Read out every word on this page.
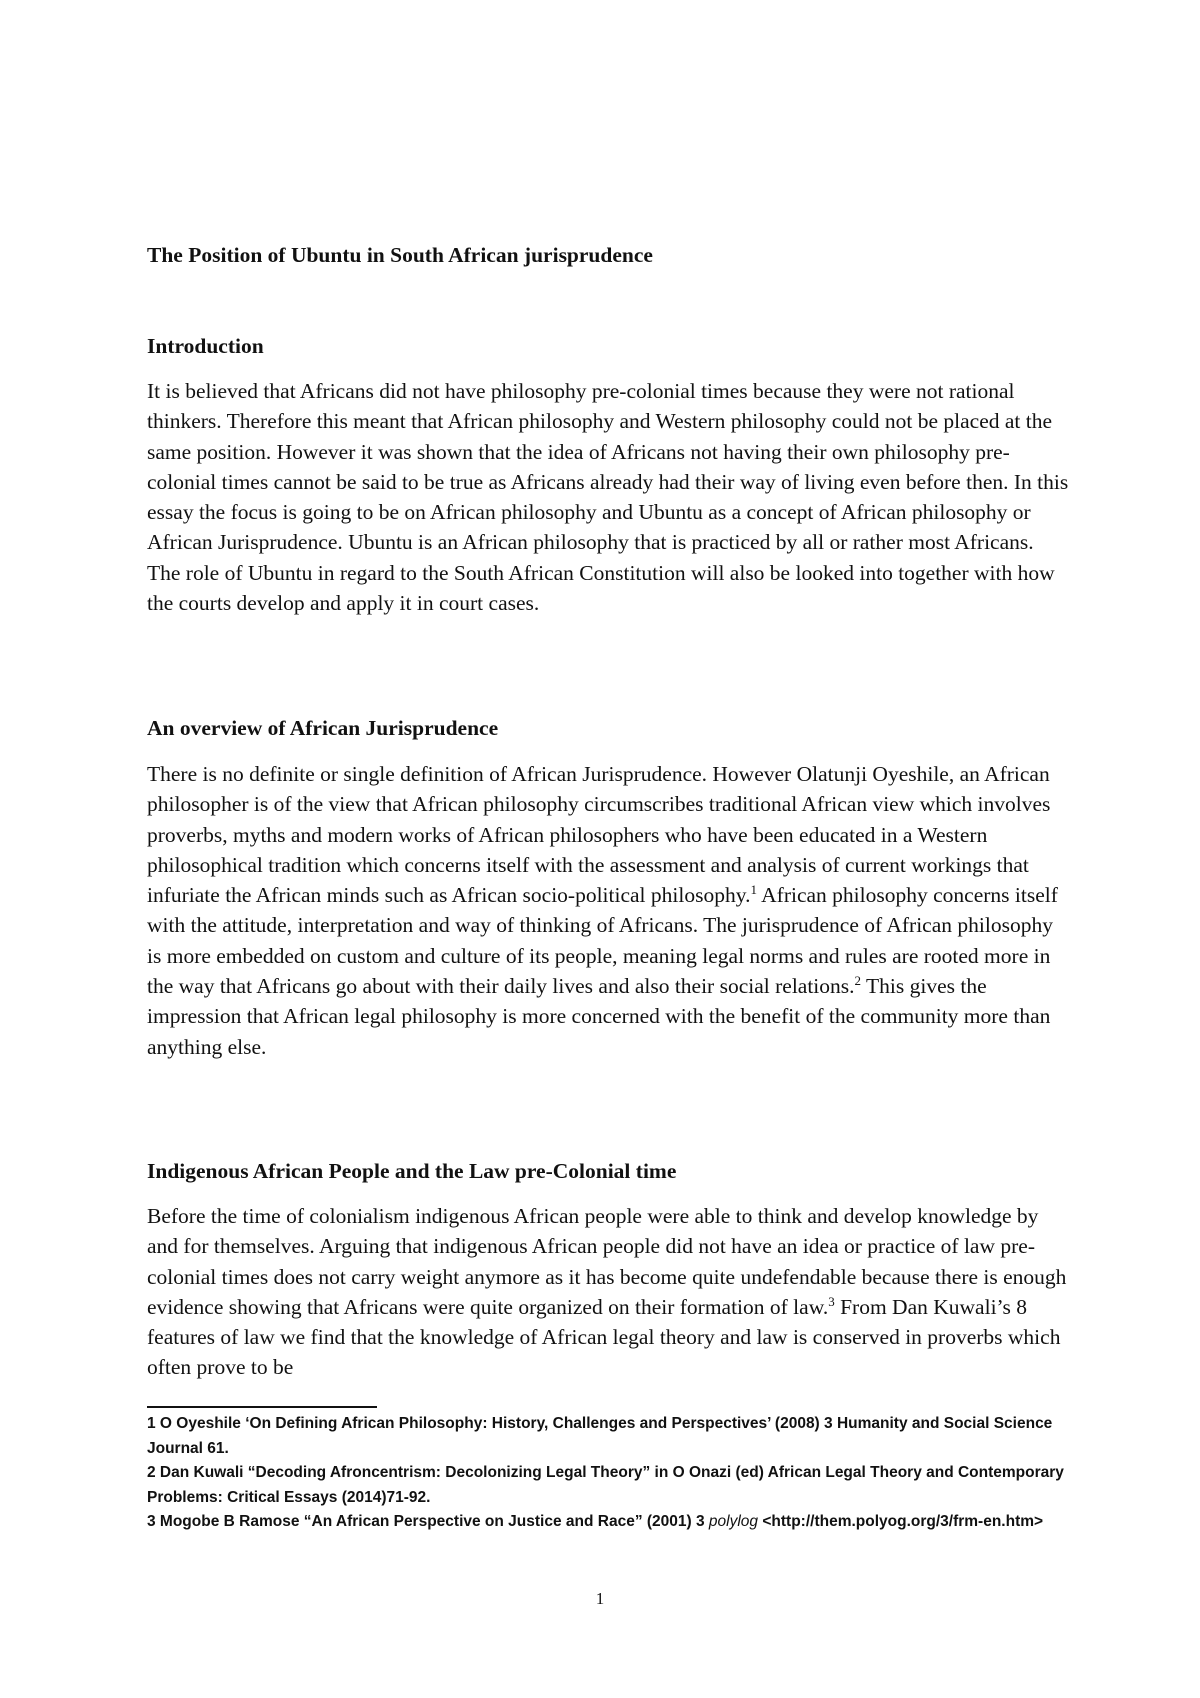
The Position of Ubuntu in South African jurisprudence
Introduction

It is believed that Africans did not have philosophy pre-colonial times because they were not rational thinkers. Therefore this meant that African philosophy and Western philosophy could not be placed at the same position. However it was shown that the idea of Africans not having their own philosophy pre-colonial times cannot be said to be true as Africans already had their way of living even before then. In this essay the focus is going to be on African philosophy and Ubuntu as a concept of African philosophy or African Jurisprudence. Ubuntu is an African philosophy that is practiced by all or rather most Africans. The role of Ubuntu in regard to the South African Constitution will also be looked into together with how the courts develop and apply it in court cases.

An overview of African Jurisprudence

There is no definite or single definition of African Jurisprudence. However Olatunji Oyeshile, an African philosopher is of the view that African philosophy circumscribes traditional African view which involves proverbs, myths and modern works of African philosophers who have been educated in a Western philosophical tradition which concerns itself with the assessment and analysis of current workings that infuriate the African minds such as African socio-political philosophy.$^1$ African philosophy concerns itself with the attitude, interpretation and way of thinking of Africans. The jurisprudence of African philosophy is more embedded on custom and culture of its people, meaning legal norms and rules are rooted more in the way that Africans go about with their daily lives and also their social relations.$^2$ This gives the impression that African legal philosophy is more concerned with the benefit of the community more than anything else.

Indigenous African People and the Law pre-Colonial time

Before the time of colonialism indigenous African people were able to think and develop knowledge by and for themselves. Arguing that indigenous African people did not have an idea or practice of law pre-colonial times does not carry weight anymore as it has become quite undefendable because there is enough evidence showing that Africans were quite organized on their formation of law.$^3$ From Dan Kuwali’s 8 features of law we find that the knowledge of African legal theory and law is conserved in proverbs which often prove to be

1 O Oyeshile ‘On Defining African Philosophy: History, Challenges and Perspectives’ (2008) 3 Humanity and Social Science Journal 61.

2 Dan Kuwali “Decoding Afroncentrism: Decolonizing Legal Theory” in O Onazi (ed) African Legal Theory and Contemporary Problems: Critical Essays (2014)71-92.

3 Mogobe B Ramose “An African Perspective on Justice and Race” (2001) 3 polylog <http://them.polyog.org/3/frm-en.htm>

1
